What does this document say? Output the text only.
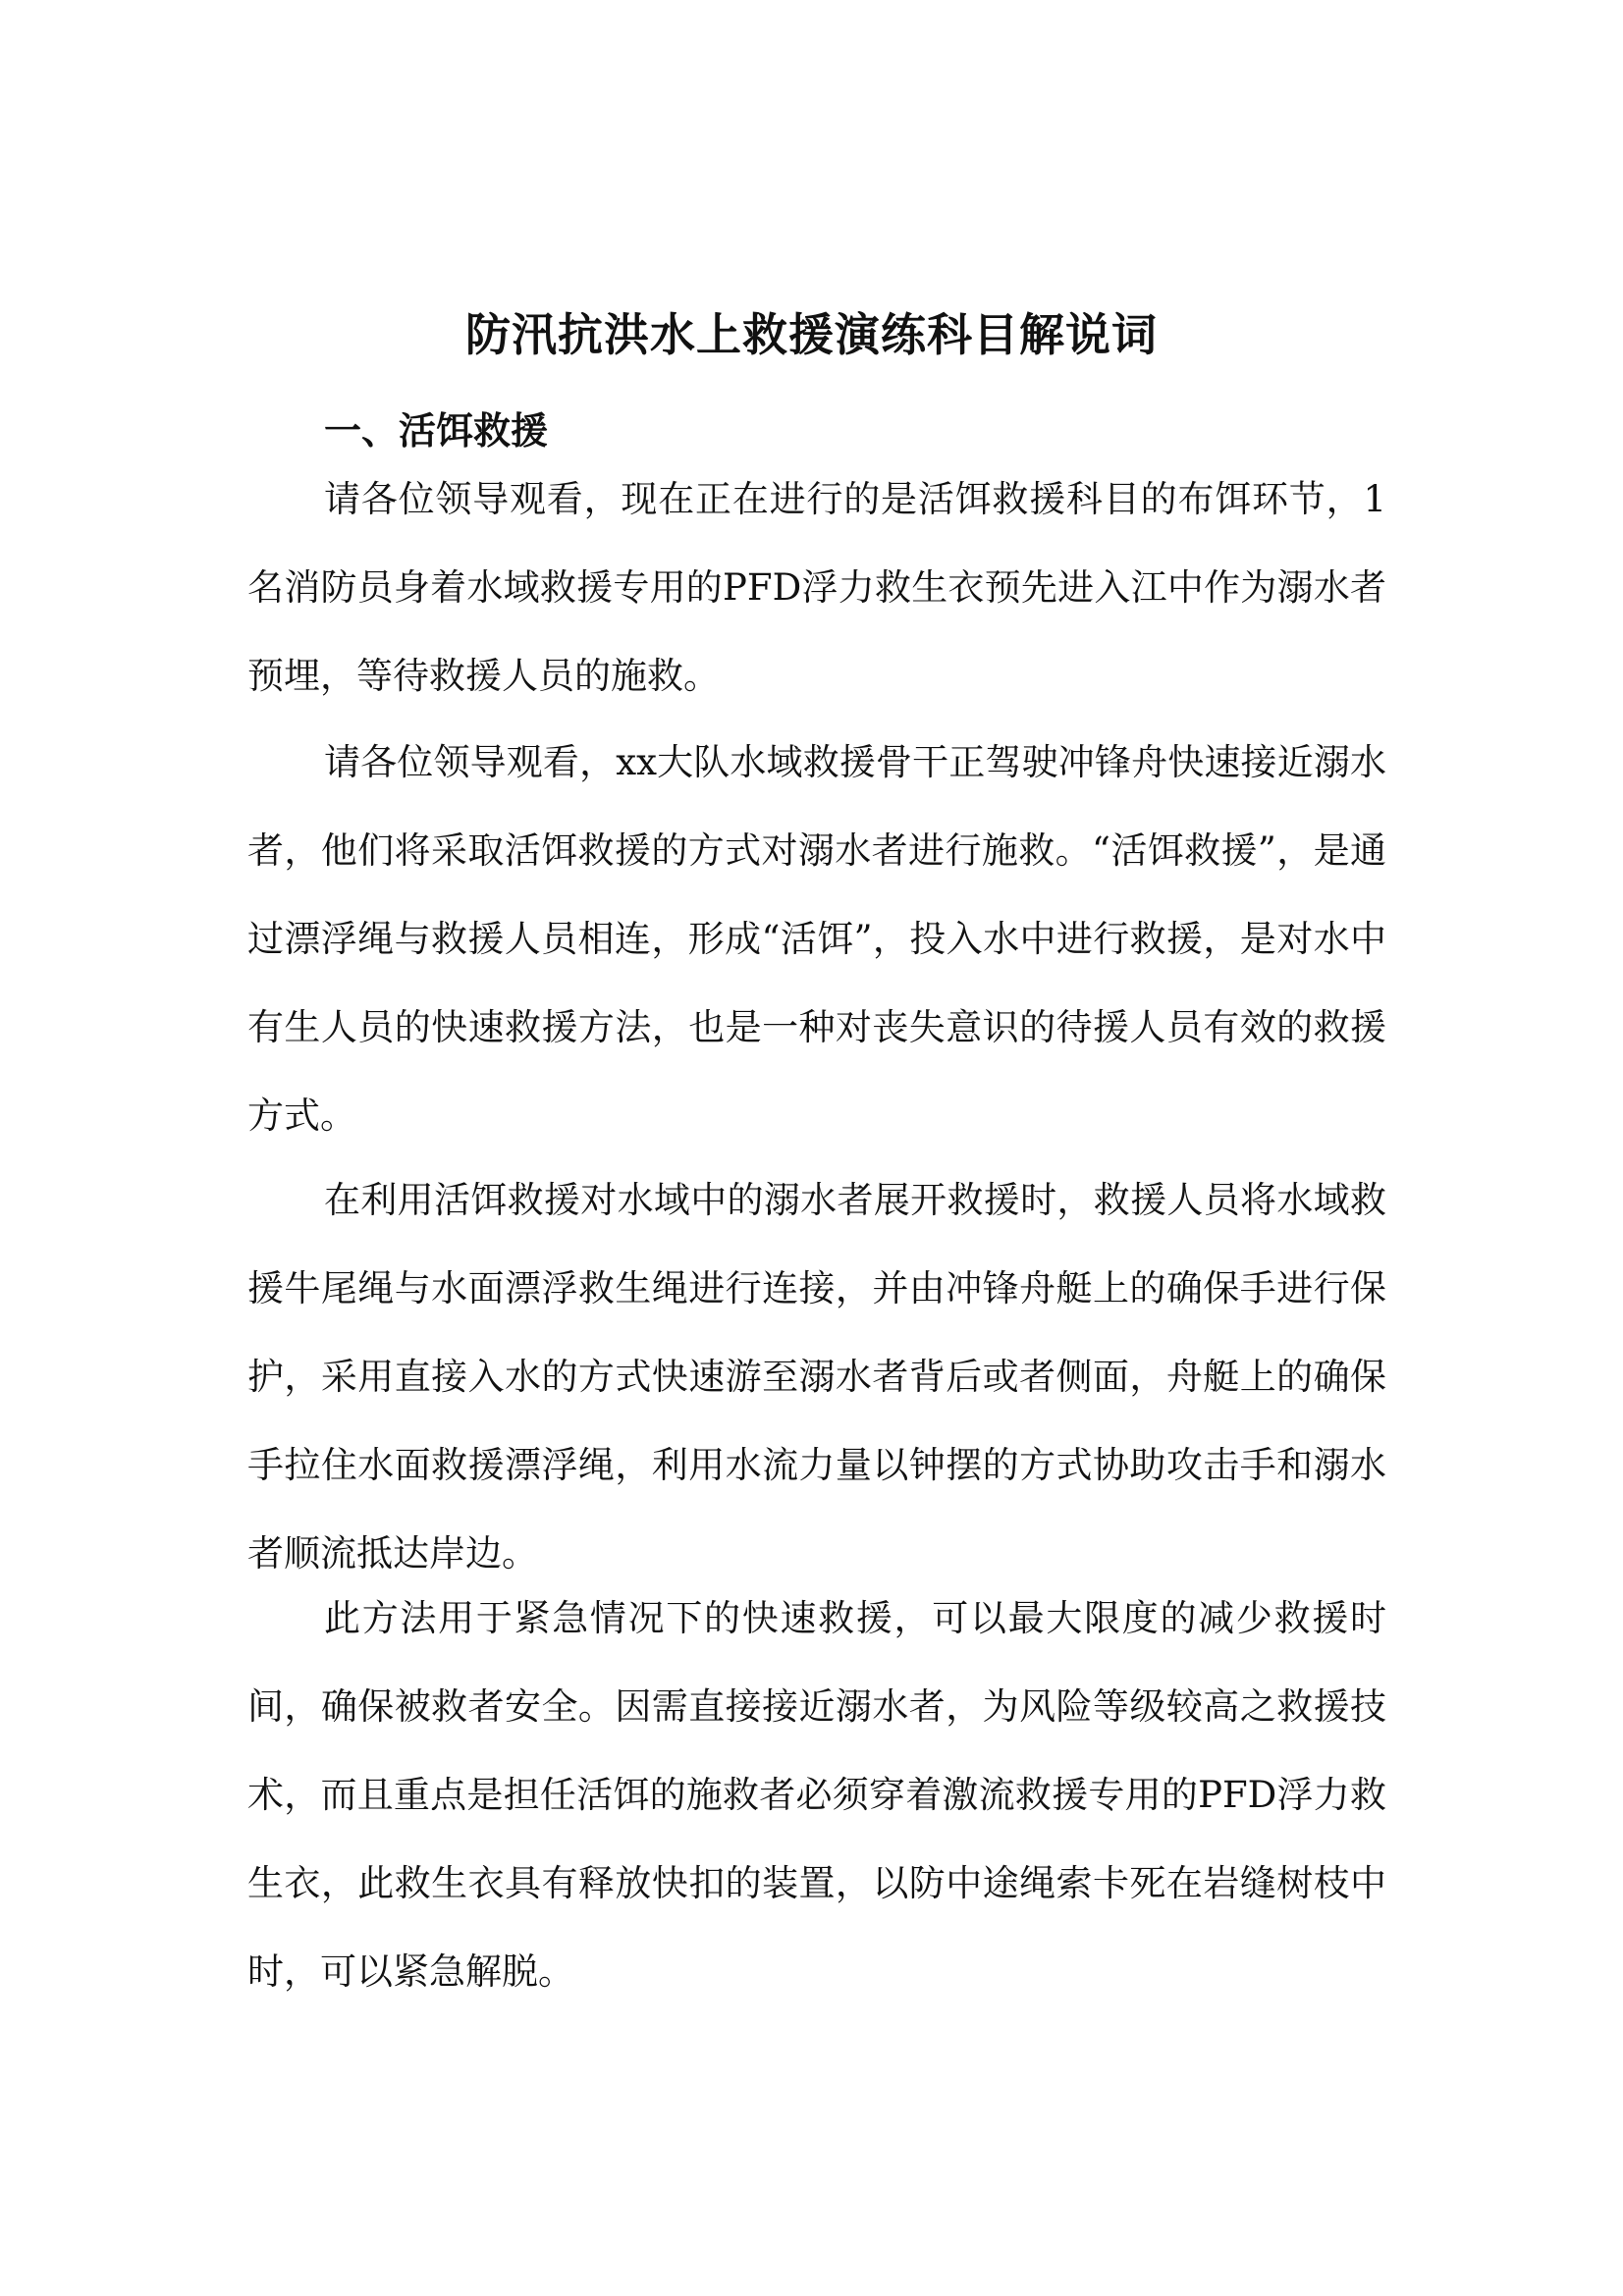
防汛抗洪水上救援演练科目解说词
一、活饵救援

请各位领导观看，现在正在进行的是活饵救援科目的布饵环节，1名消防员身着水域救援专用的PFD浮力救生衣预先进入江中作为溺水者预埋，等待救援人员的施救。

请各位领导观看，xx大队水域救援骨干正驾驶冲锋舟快速接近溺水者，他们将采取活饵救援的方式对溺水者进行施救。“活饵救援”，是通过漂浮绳与救援人员相连，形成“活饵”，投入水中进行救援，是对水中有生人员的快速救援方法，也是一种对丧失意识的待援人员有效的救援方式。

在利用活饵救援对水域中的溺水者展开救援时，救援人员将水域救援牛尾绳与水面漂浮救生绳进行连接，并由冲锋舟艇上的确保手进行保护，采用直接入水的方式快速游至溺水者背后或者侧面，舟艇上的确保手拉住水面救援漂浮绳，利用水流力量以钟摆的方式协助攻击手和溺水者顺流抵达岸边。

此方法用于紧急情况下的快速救援，可以最大限度的减少救援时间，确保被救者安全。因需直接接近溺水者，为风险等级较高之救援技术，而且重点是担任活饵的施救者必须穿着激流救援专用的PFD浮力救生衣，此救生衣具有释放快扣的装置，以防中途绳索卡死在岩缝树枝中时，可以紧急解脱。
